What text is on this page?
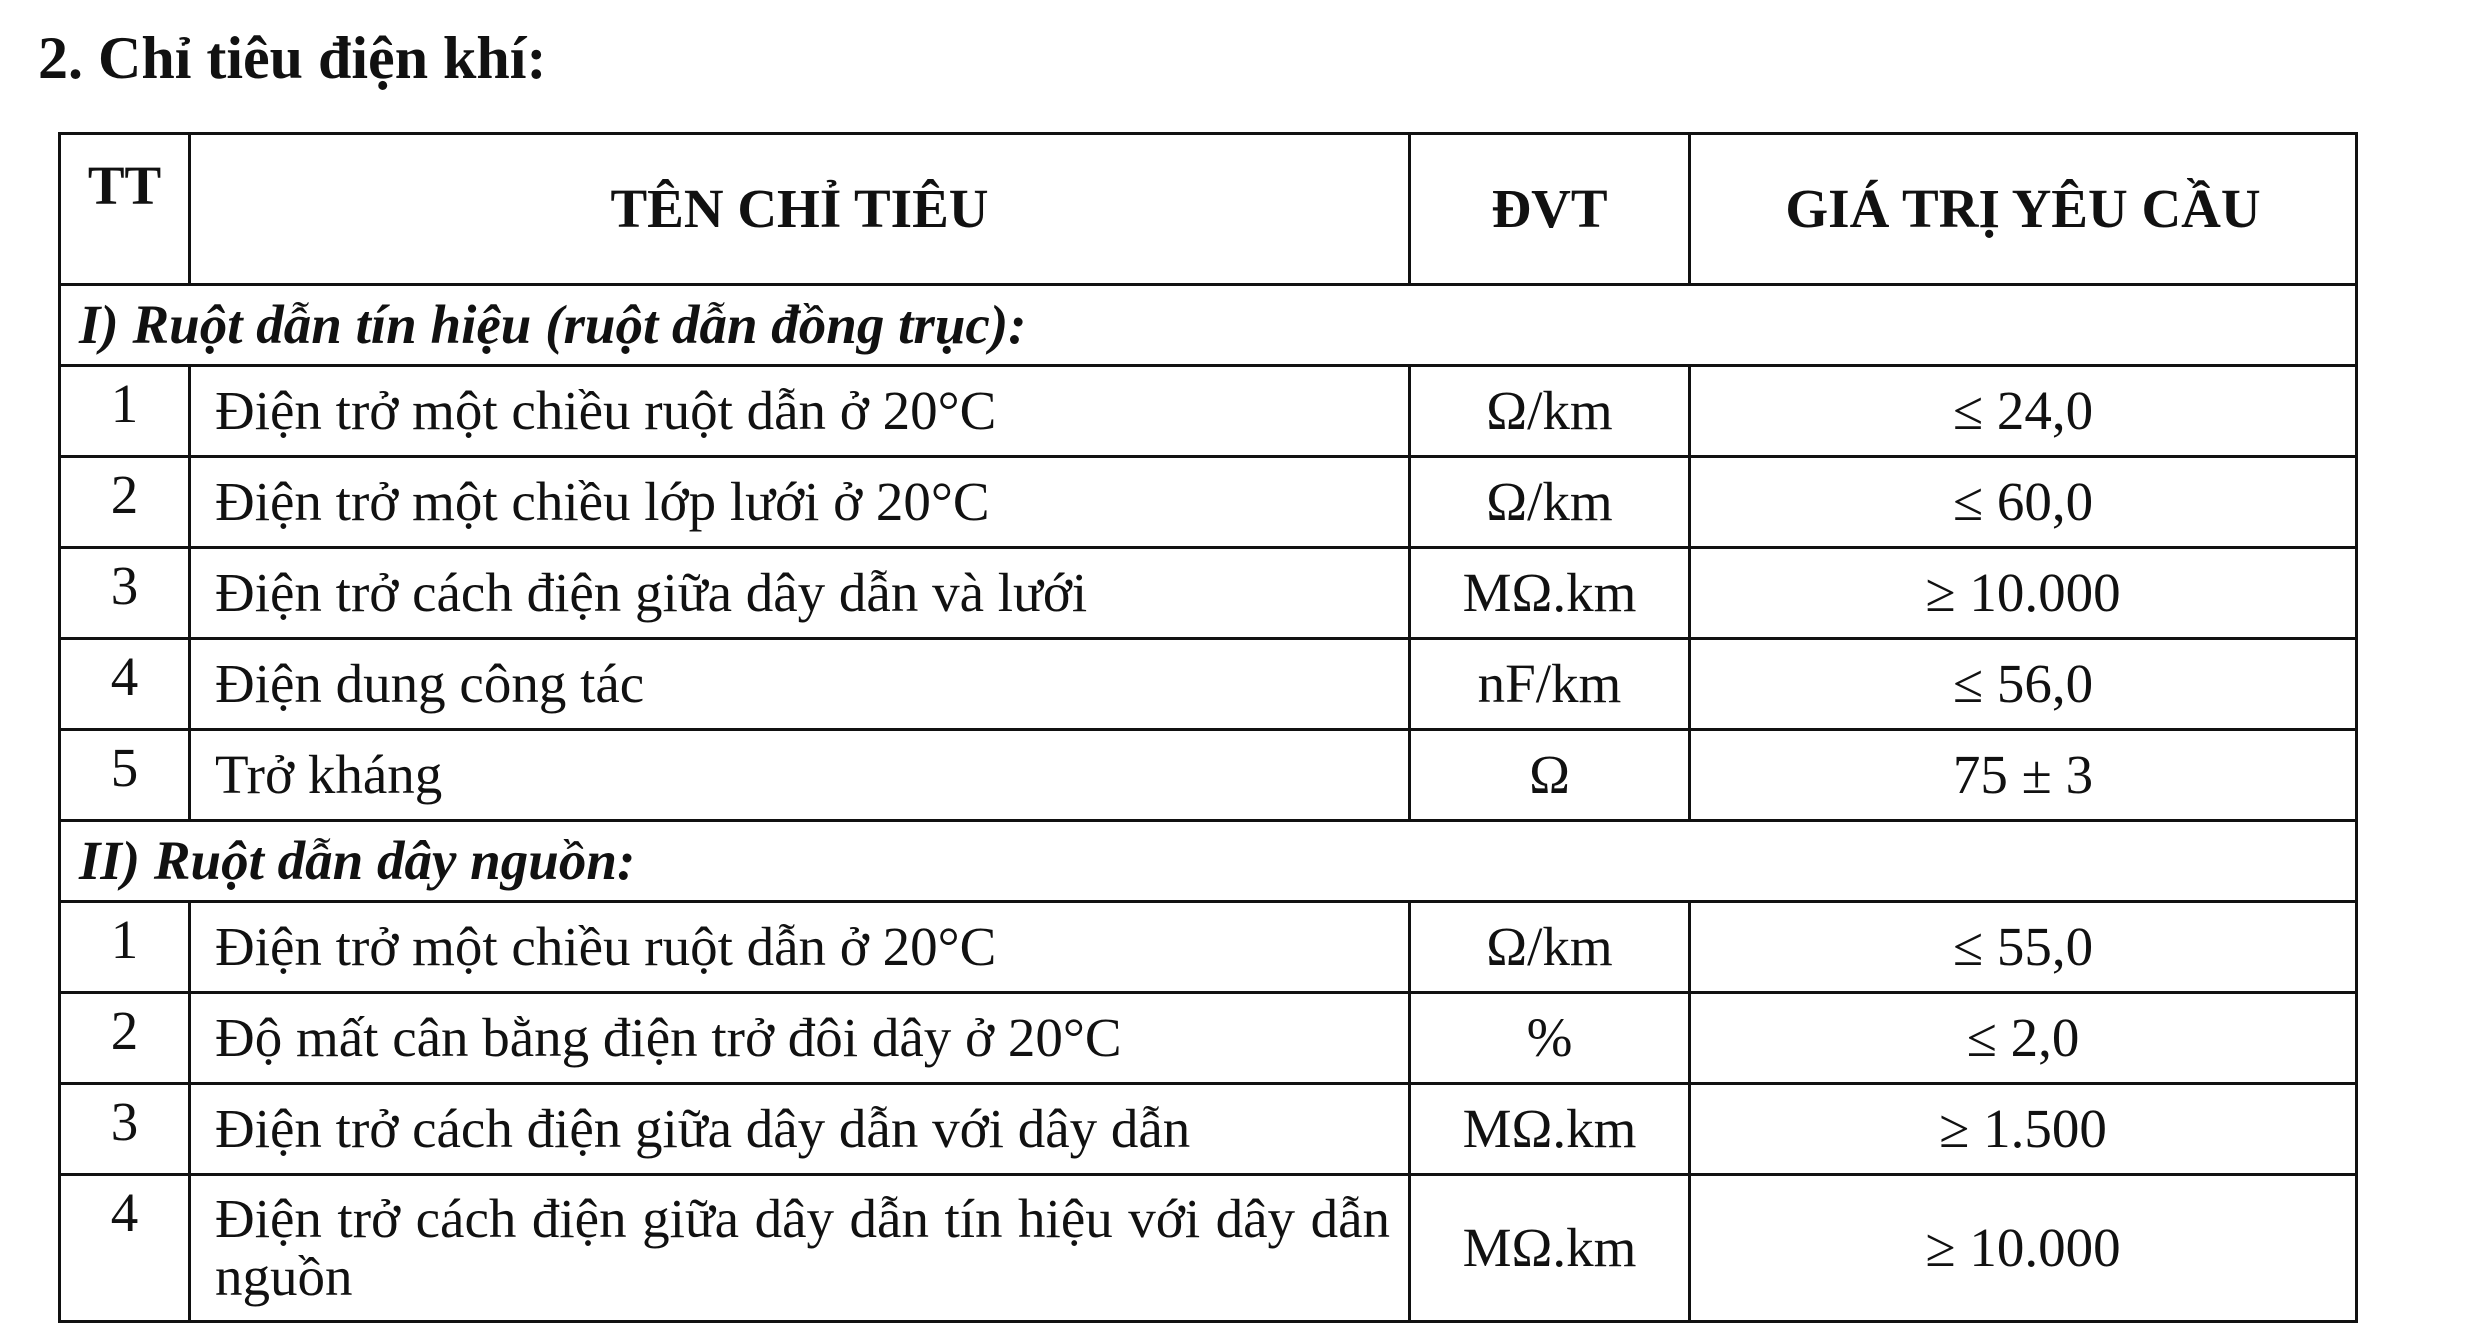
2. Chỉ tiêu điện khí:
TT	TÊN CHỈ TIÊU	ĐVT	GIÁ TRỊ YÊU CẦU
I) Ruột dẫn tín hiệu (ruột dẫn đồng trục):			
1	Điện trở một chiều ruột dẫn ở 20°C	Ω/km	≤ 24,0
2	Điện trở một chiều lớp lưới ở 20°C	Ω/km	≤ 60,0
3	Điện trở cách điện giữa dây dẫn và lưới	MΩ.km	≥ 10.000
4	Điện dung công tác	nF/km	≤ 56,0
5	Trở kháng	Ω	75 ± 3
II) Ruột dẫn dây nguồn:			
1	Điện trở một chiều ruột dẫn ở 20°C	Ω/km	≤ 55,0
2	Độ mất cân bằng điện trở đôi dây ở 20°C	%	≤ 2,0
3	Điện trở cách điện giữa dây dẫn với dây dẫn	MΩ.km	≥ 1.500
4	Điện trở cách điện giữa dây dẫn tín hiệu với dây dẫn nguồn	MΩ.km	≥ 10.000
